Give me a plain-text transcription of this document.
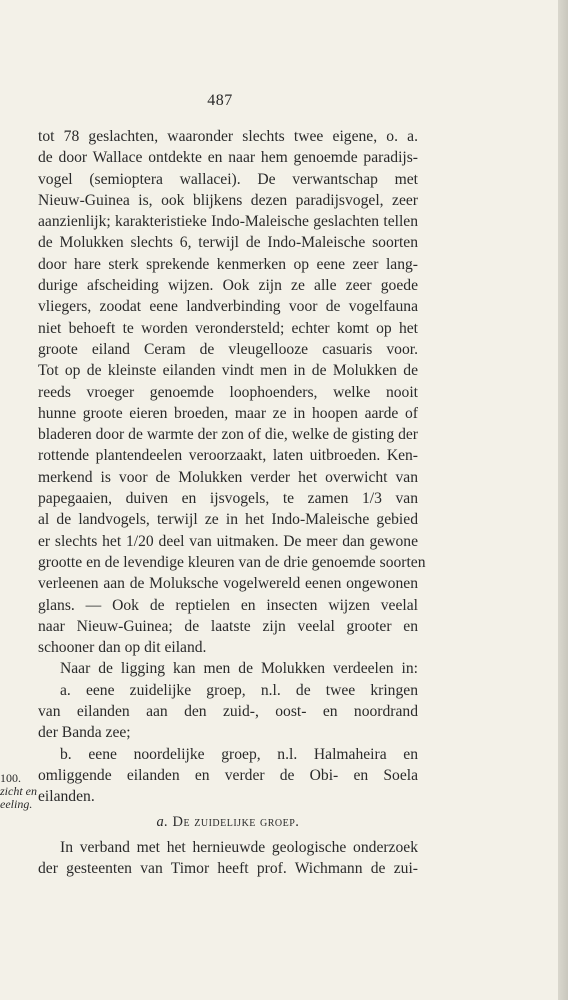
487
tot 78 geslachten, waaronder slechts twee eigene, o. a.
de door Wallace ontdekte en naar hem genoemde paradijs-
vogel (semioptera wallacei). De verwantschap met
Nieuw-Guinea is, ook blijkens dezen paradijsvogel, zeer
aanzienlijk; karakteristieke Indo-Maleische geslachten tellen
de Molukken slechts 6, terwijl de Indo-Maleische soorten
door hare sterk sprekende kenmerken op eene zeer lang-
durige afscheiding wijzen. Ook zijn ze alle zeer goede
vliegers, zoodat eene landverbinding voor de vogelfauna
niet behoeft te worden verondersteld; echter komt op het
groote eiland Ceram de vleugellooze casuaris voor.
Tot op de kleinste eilanden vindt men in de Molukken de
reeds vroeger genoemde loophoenders, welke nooit
hunne groote eieren broeden, maar ze in hoopen aarde of
bladeren door de warmte der zon of die, welke de gisting der
rottende plantendeelen veroorzaakt, laten uitbroeden. Ken-
merkend is voor de Molukken verder het overwicht van
papegaaien, duiven en ijsvogels, te zamen 1/3 van
al de landvogels, terwijl ze in het Indo-Maleische gebied
er slechts het 1/20 deel van uitmaken. De meer dan gewone
grootte en de levendige kleuren van de drie genoemde soorten
verleenen aan de Moluksche vogelwereld eenen ongewonen
glans. — Ook de reptielen en insecten wijzen veelal
naar Nieuw-Guinea; de laatste zijn veelal grooter en
schooner dan op dit eiland.
Naar de ligging kan men de Molukken verdeelen in:
a. eene zuidelijke groep, n.l. de twee kringen
van eilanden aan den zuid-, oost- en noordrand
der Banda zee;
b. eene noordelijke groep, n.l. Halmaheira en
omliggende eilanden en verder de Obi- en Soela
eilanden.
a. De zuidelijke groep.
In verband met het hernieuwde geologische onderzoek
der gesteenten van Timor heeft prof. Wichmann de zui-
100.
zicht en
eeling.
